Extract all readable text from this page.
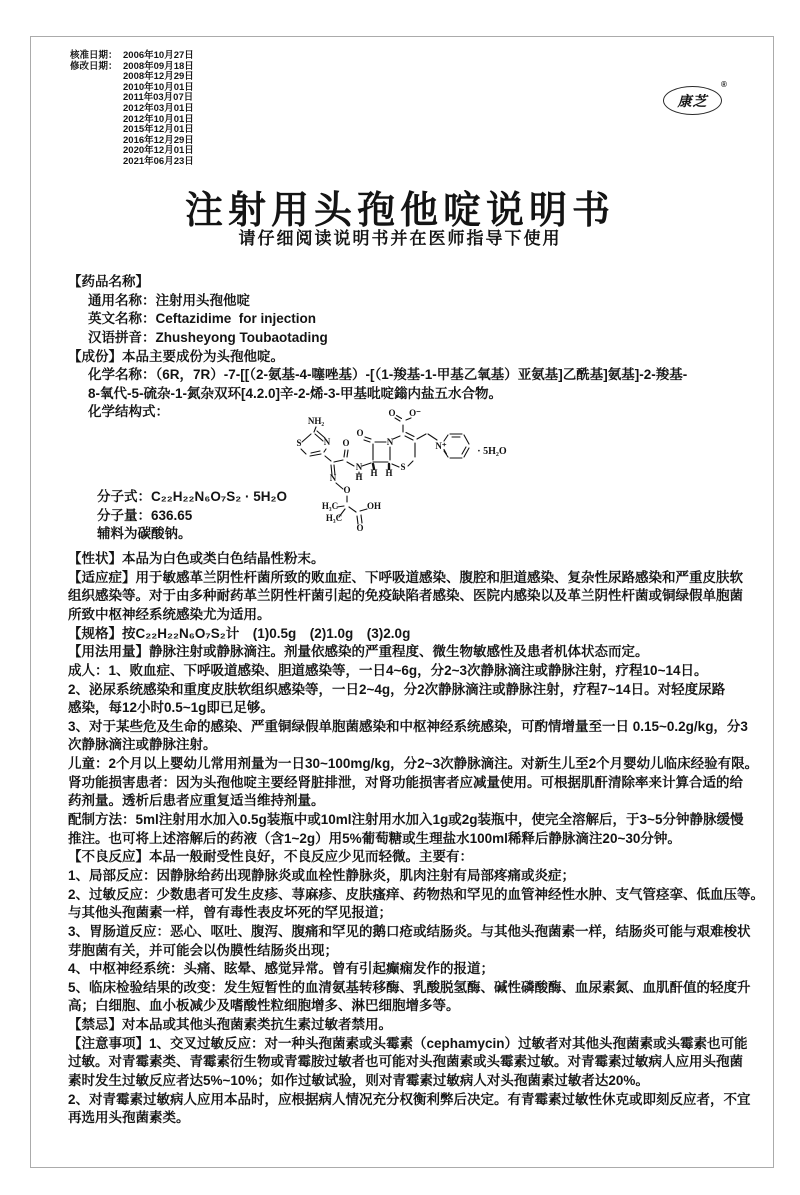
核准日期： 2006年10月27日
修改日期： 2008年09月18日
2008年12月29日
2010年10月01日
2011年03月07日
2012年03月01日
2012年10月01日
2015年12月01日
2016年12月29日
2020年12月01日
2021年06月23日
康芝
®
注射用头孢他啶说明书
请仔细阅读说明书并在医师指导下使用
【药品名称】
通用名称：注射用头孢他啶
英文名称：Ceftazidime  for injection
汉语拼音：Zhusheyong Toubaotading
【成份】本品主要成份为头孢他啶。
化学名称：（6R，7R）-7-[[（2-氨基-4-噻唑基）-[（1-羧基-1-甲基乙氧基）亚氨基]乙酰基]氨基]-2-羧基-
8-氧代-5-硫杂-1-氮杂双环[4.2.0]辛-2-烯-3-甲基吡啶鎓内盐五水合物。
化学结构式：
分子式：C₂₂H₂₂N₆O₇S₂ · 5H₂O
分子量：636.65
辅料为碳酸钠。
【性状】本品为白色或类白色结晶性粉末。
【适应症】用于敏感革兰阴性杆菌所致的败血症、下呼吸道感染、腹腔和胆道感染、复杂性尿路感染和严重皮肤软
组织感染等。对于由多种耐药革兰阴性杆菌引起的免疫缺陷者感染、医院内感染以及革兰阴性杆菌或铜绿假单胞菌
所致中枢神经系统感染尤为适用。
【规格】按C₂₂H₂₂N₆O₇S₂计　(1)0.5g　(2)1.0g　(3)2.0g
【用法用量】静脉注射或静脉滴注。剂量依感染的严重程度、微生物敏感性及患者机体状态而定。
成人：1、败血症、下呼吸道感染、胆道感染等，一日4~6g，分2~3次静脉滴注或静脉注射，疗程10~14日。
2、泌尿系统感染和重度皮肤软组织感染等，一日2~4g，分2次静脉滴注或静脉注射，疗程7~14日。对轻度尿路
感染，每12小时0.5~1g即已足够。
3、对于某些危及生命的感染、严重铜绿假单胞菌感染和中枢神经系统感染，可酌情增量至一日 0.15~0.2g/kg，分3
次静脉滴注或静脉注射。
儿童：2个月以上婴幼儿常用剂量为一日30~100mg/kg，分2~3次静脉滴注。对新生儿至2个月婴幼儿临床经验有限。
肾功能损害患者：因为头孢他啶主要经肾脏排泄，对肾功能损害者应减量使用。可根据肌酐清除率来计算合适的给
药剂量。透析后患者应重复适当维持剂量。
配制方法：5ml注射用水加入0.5g装瓶中或10ml注射用水加入1g或2g装瓶中，使完全溶解后，于3~5分钟静脉缓慢
推注。也可将上述溶解后的药液（含1~2g）用5%葡萄糖或生理盐水100ml稀释后静脉滴注20~30分钟。
【不良反应】本品一般耐受性良好，不良反应少见而轻微。主要有：
1、局部反应：因静脉给药出现静脉炎或血栓性静脉炎，肌肉注射有局部疼痛或炎症；
2、过敏反应：少数患者可发生皮疹、荨麻疹、皮肤瘙痒、药物热和罕见的血管神经性水肿、支气管痉挛、低血压等。
与其他头孢菌素一样，曾有毒性表皮坏死的罕见报道；
3、胃肠道反应：恶心、呕吐、腹泻、腹痛和罕见的鹅口疮或结肠炎。与其他头孢菌素一样，结肠炎可能与艰难梭状
芽胞菌有关，并可能会以伪膜性结肠炎出现；
4、中枢神经系统：头痛、眩晕、感觉异常。曾有引起癫痫发作的报道；
5、临床检验结果的改变：发生短暂性的血清氨基转移酶、乳酸脱氢酶、碱性磷酸酶、血尿素氮、血肌酐值的轻度升
高；白细胞、血小板减少及嗜酸性粒细胞增多、淋巴细胞增多等。
【禁忌】对本品或其他头孢菌素类抗生素过敏者禁用。
【注意事项】1、交叉过敏反应：对一种头孢菌素或头霉素（cephamycin）过敏者对其他头孢菌素或头霉素也可能
过敏。对青霉素类、青霉素衍生物或青霉胺过敏者也可能对头孢菌素或头霉素过敏。对青霉素过敏病人应用头孢菌
素时发生过敏反应者达5%~10%；如作过敏试验，则对青霉素过敏病人对头孢菌素过敏者达20%。
2、对青霉素过敏病人应用本品时，应根据病人情况充分权衡利弊后决定。有青霉素过敏性休克或即刻反应者，不宜
再选用头孢菌素类。
NH₂
S N O
N
O
H₃C
H₃C
OH
O
N
H
O
N
H H
S
O O⁻
N⁺	· 5H₂O
